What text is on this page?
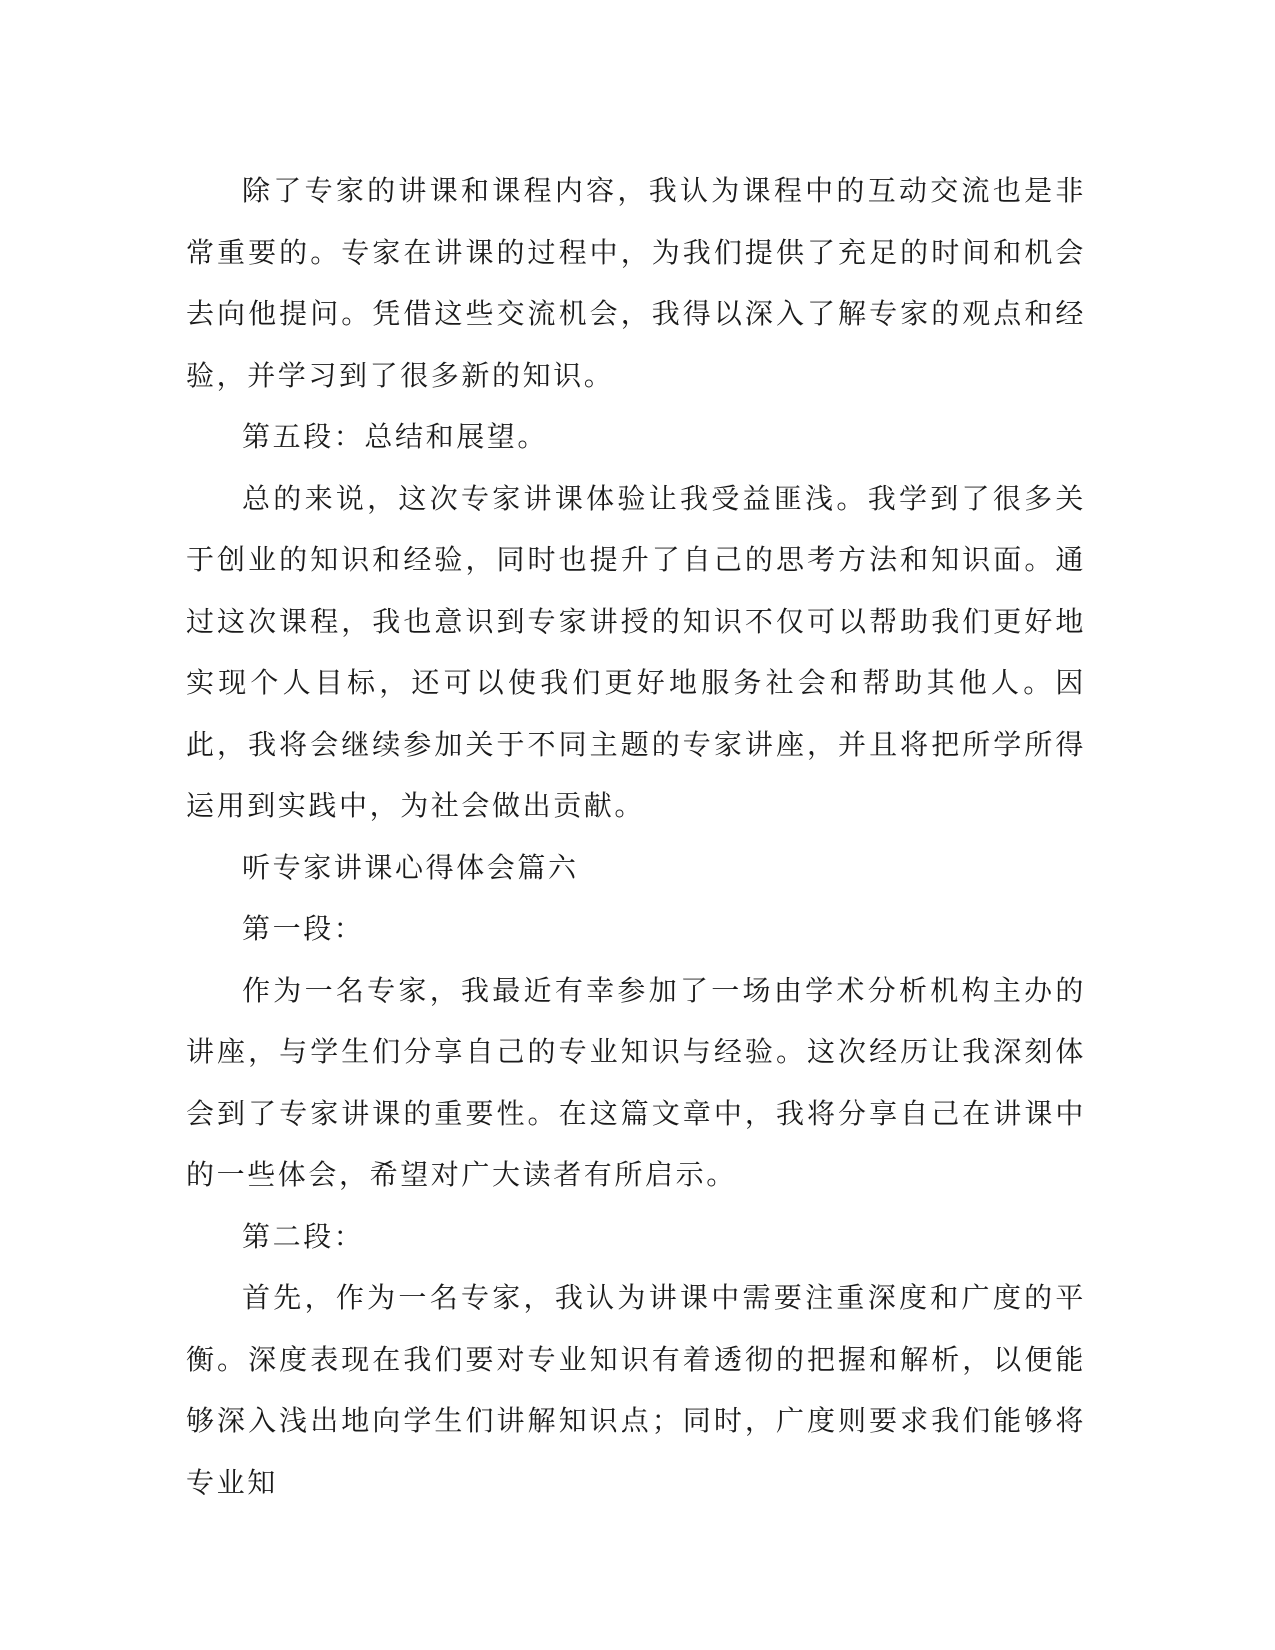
除了专家的讲课和课程内容，我认为课程中的互动交流也是非常重要的。专家在讲课的过程中，为我们提供了充足的时间和机会去向他提问。凭借这些交流机会，我得以深入了解专家的观点和经验，并学习到了很多新的知识。

第五段：总结和展望。

总的来说，这次专家讲课体验让我受益匪浅。我学到了很多关于创业的知识和经验，同时也提升了自己的思考方法和知识面。通过这次课程，我也意识到专家讲授的知识不仅可以帮助我们更好地实现个人目标，还可以使我们更好地服务社会和帮助其他人。因此，我将会继续参加关于不同主题的专家讲座，并且将把所学所得运用到实践中，为社会做出贡献。

听专家讲课心得体会篇六

第一段：

作为一名专家，我最近有幸参加了一场由学术分析机构主办的讲座，与学生们分享自己的专业知识与经验。这次经历让我深刻体会到了专家讲课的重要性。在这篇文章中，我将分享自己在讲课中的一些体会，希望对广大读者有所启示。

第二段：

首先，作为一名专家，我认为讲课中需要注重深度和广度的平衡。深度表现在我们要对专业知识有着透彻的把握和解析，以便能够深入浅出地向学生们讲解知识点；同时，广度则要求我们能够将专业知
